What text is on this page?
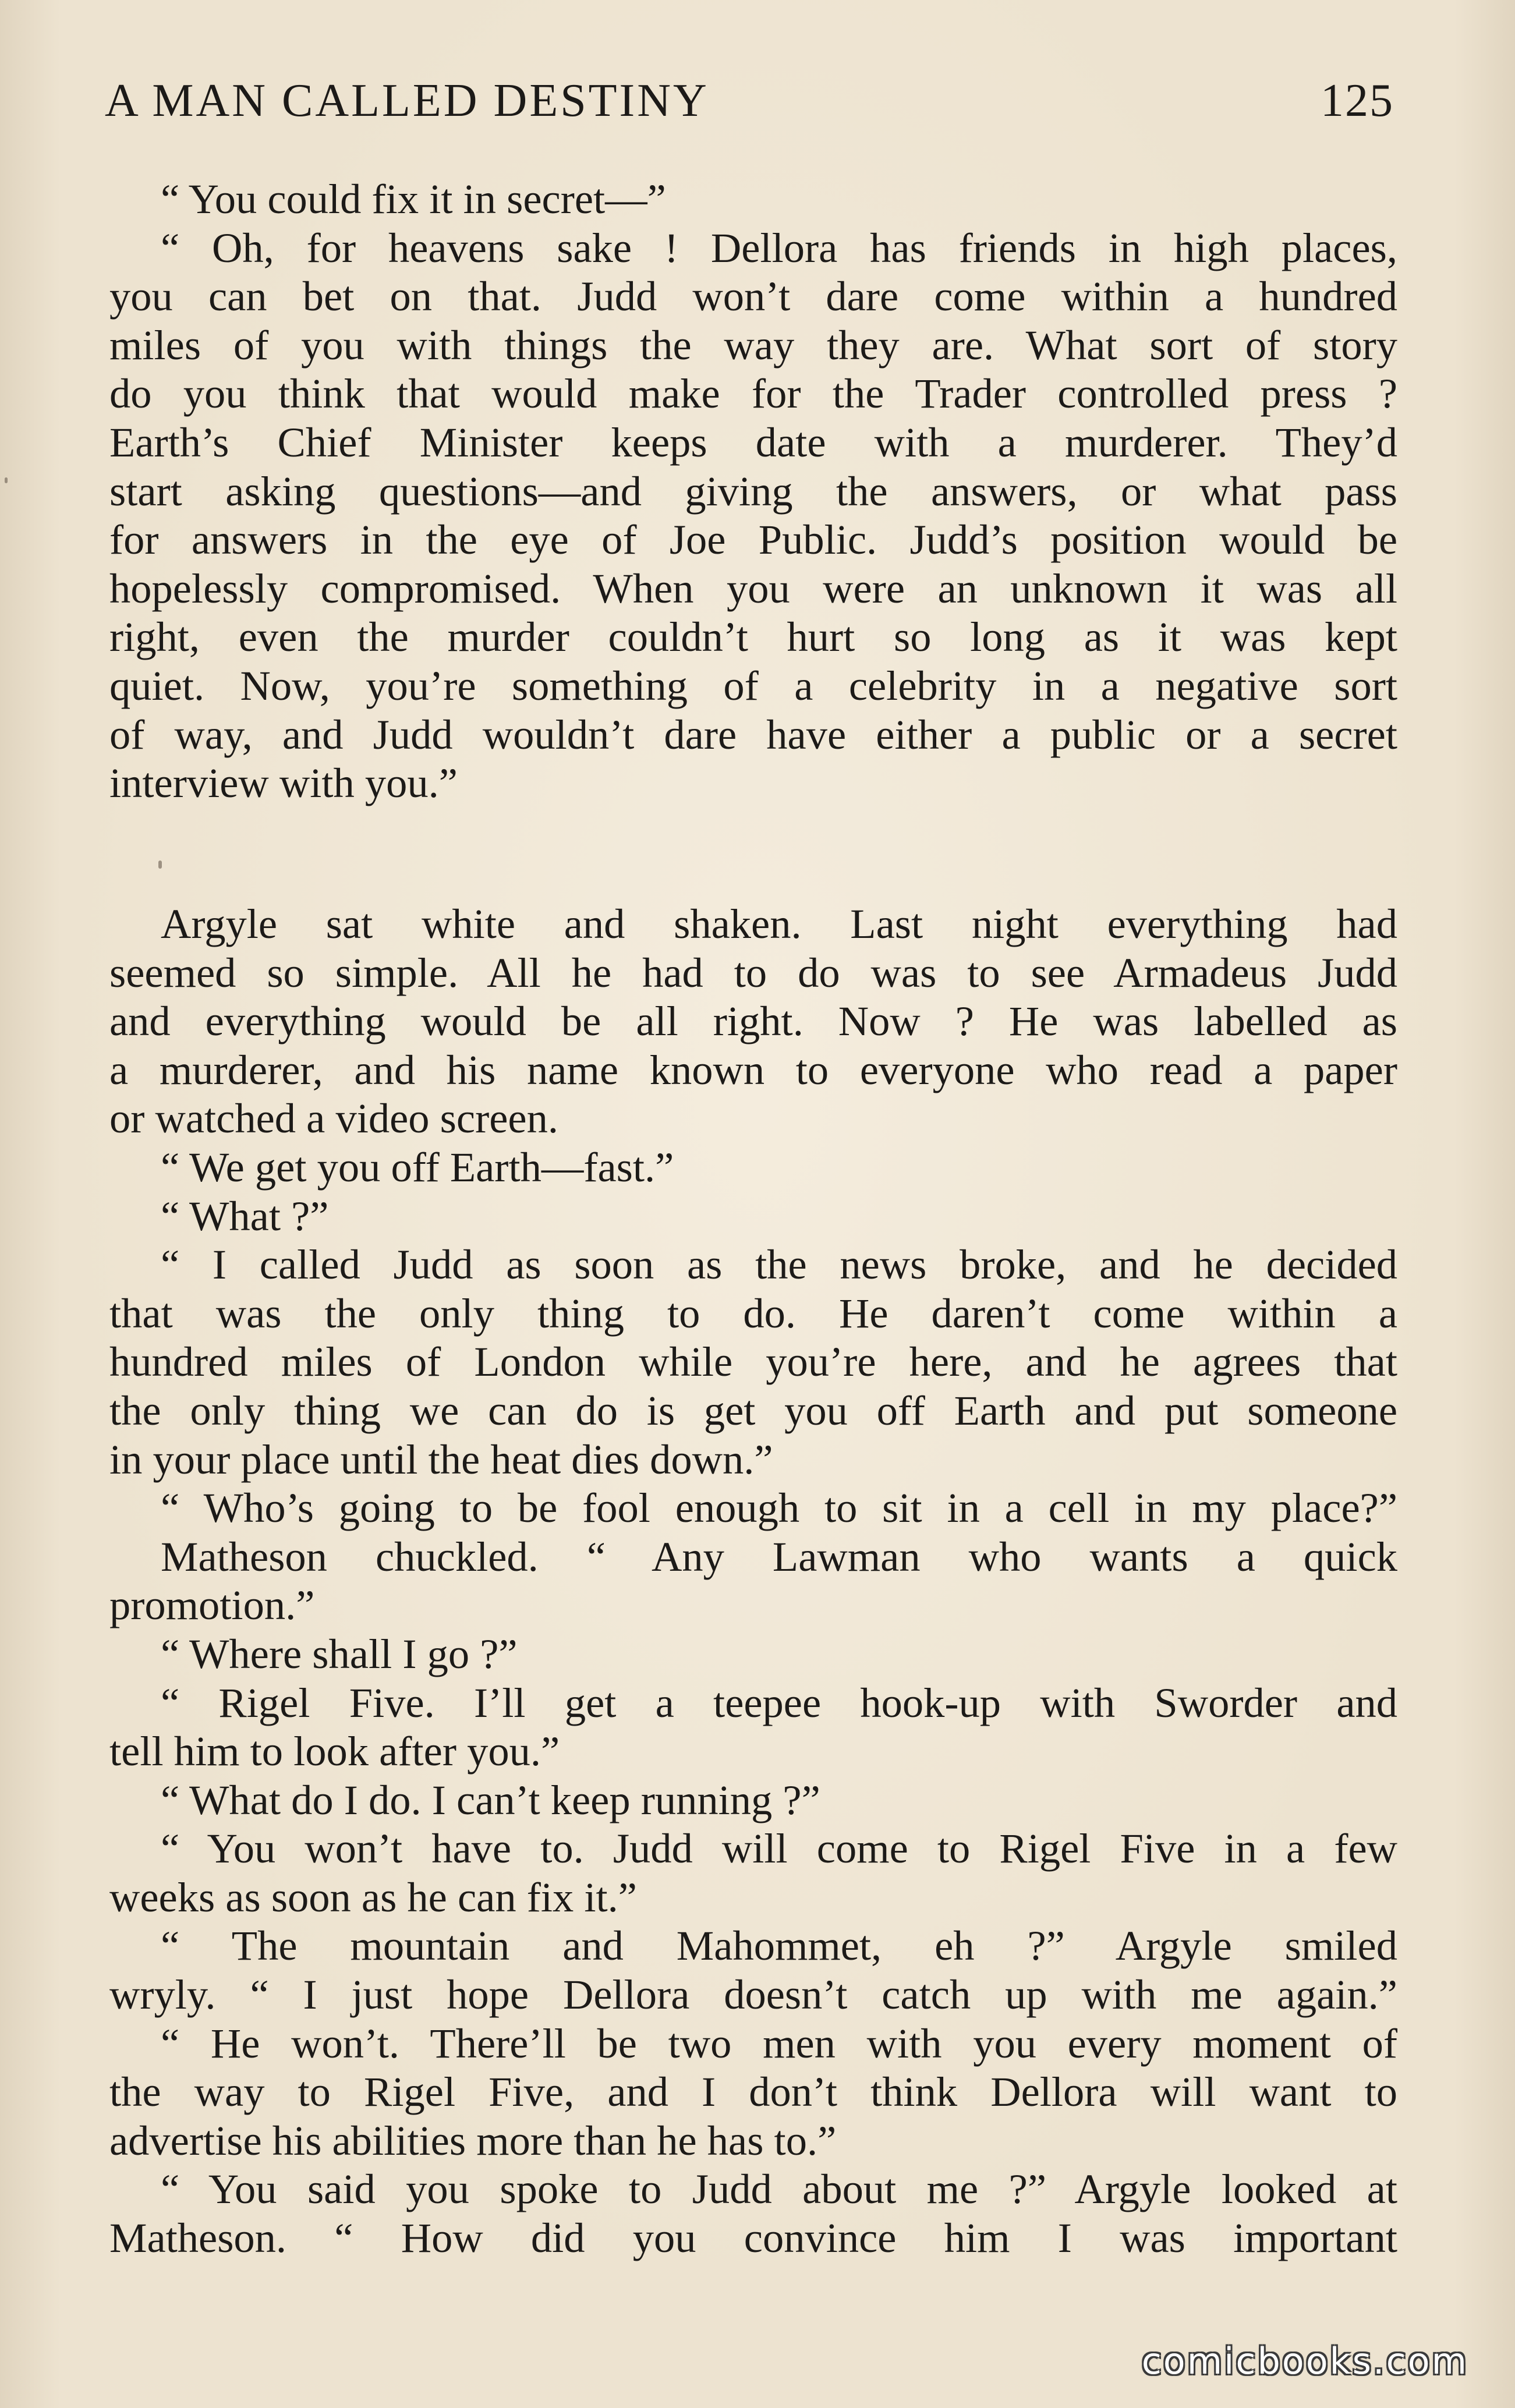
A MAN CALLED DESTINY	125
“ You could fix it in secret—”
“ Oh, for heavens sake ! Dellora has friends in high places,
you can bet on that. Judd won’t dare come within a hundred
miles of you with things the way they are. What sort of story
do you think that would make for the Trader controlled press ?
Earth’s Chief Minister keeps date with a murderer. They’d
start asking questions—and giving the answers, or what pass
for answers in the eye of Joe Public. Judd’s position would be
hopelessly compromised. When you were an unknown it was all
right, even the murder couldn’t hurt so long as it was kept
quiet. Now, you’re something of a celebrity in a negative sort
of way, and Judd wouldn’t dare have either a public or a secret
interview with you.”
Argyle sat white and shaken. Last night everything had
seemed so simple. All he had to do was to see Armadeus Judd
and everything would be all right. Now ? He was labelled as
a murderer, and his name known to everyone who read a paper
or watched a video screen.
“ We get you off Earth—fast.”
“ What ?”
“ I called Judd as soon as the news broke, and he decided
that was the only thing to do. He daren’t come within a
hundred miles of London while you’re here, and he agrees that
the only thing we can do is get you off Earth and put someone
in your place until the heat dies down.”
“ Who’s going to be fool enough to sit in a cell in my place?”
Matheson chuckled. “ Any Lawman who wants a quick
promotion.”
“ Where shall I go ?”
“ Rigel Five. I’ll get a teepee hook-up with Sworder and
tell him to look after you.”
“ What do I do. I can’t keep running ?”
“ You won’t have to. Judd will come to Rigel Five in a few
weeks as soon as he can fix it.”
“ The mountain and Mahommet, eh ?” Argyle smiled
wryly. “ I just hope Dellora doesn’t catch up with me again.”
“ He won’t. There’ll be two men with you every moment of
the way to Rigel Five, and I don’t think Dellora will want to
advertise his abilities more than he has to.”
“ You said you spoke to Judd about me ?” Argyle looked at
Matheson. “ How did you convince him I was important
comicbooks.com
